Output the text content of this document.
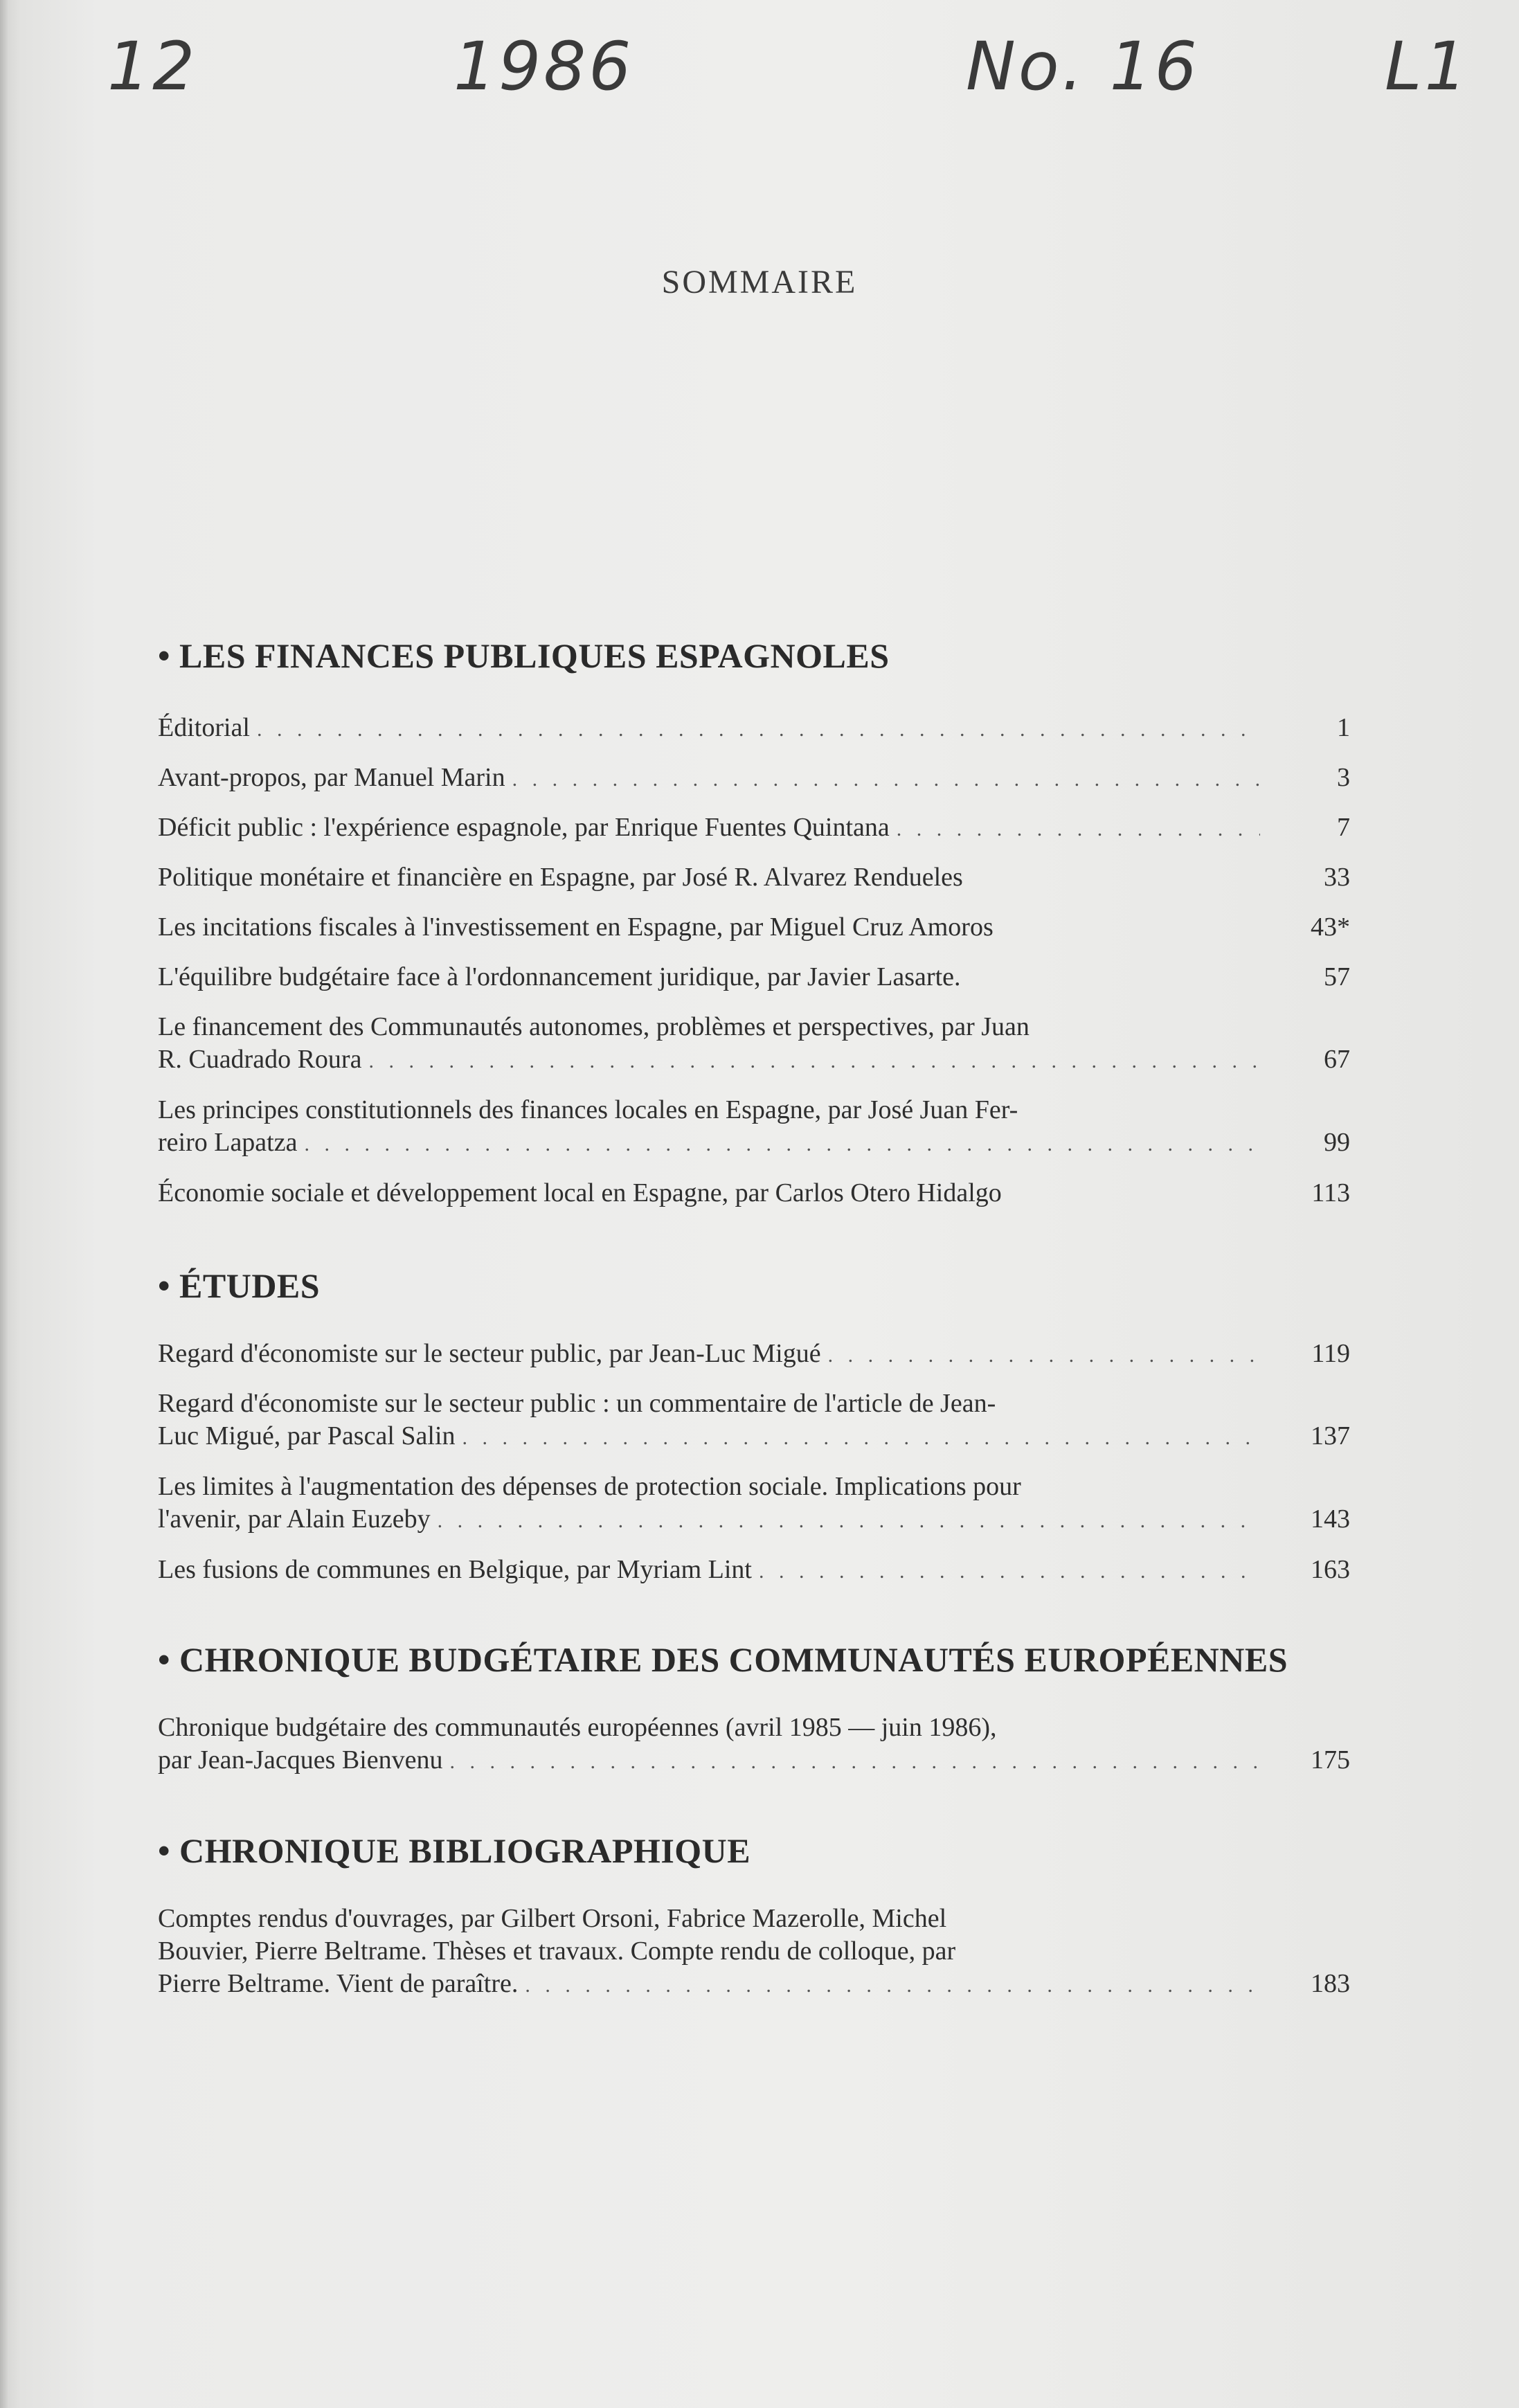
12	1986	No. 16	L1
SOMMAIRE

• LES FINANCES PUBLIQUES ESPAGNOLES
Éditorial . . .	1
Avant-propos, par Manuel Marin . . .	3
Déficit public : l'expérience espagnole, par Enrique Fuentes Quintana . . .	7
Politique monétaire et financière en Espagne, par José R. Alvarez Rendueles	33
Les incitations fiscales à l'investissement en Espagne, par Miguel Cruz Amoros	43*
L'équilibre budgétaire face à l'ordonnancement juridique, par Javier Lasarte.	57
Le financement des Communautés autonomes, problèmes et perspectives, par Juan
R. Cuadrado Roura . . .	67
Les principes constitutionnels des finances locales en Espagne, par José Juan Fer-
reiro Lapatza . . .	99
Économie sociale et développement local en Espagne, par Carlos Otero Hidalgo	113
• ÉTUDES
Regard d'économiste sur le secteur public, par Jean-Luc Migué . . .	119
Regard d'économiste sur le secteur public : un commentaire de l'article de Jean-
Luc Migué, par Pascal Salin . . .	137
Les limites à l'augmentation des dépenses de protection sociale. Implications pour
l'avenir, par Alain Euzeby . . .	143
Les fusions de communes en Belgique, par Myriam Lint . . .	163
• CHRONIQUE BUDGÉTAIRE DES COMMUNAUTÉS EUROPÉENNES
Chronique budgétaire des communautés européennes (avril 1985 — juin 1986),
par Jean-Jacques Bienvenu . . .	175
• CHRONIQUE BIBLIOGRAPHIQUE
Comptes rendus d'ouvrages, par Gilbert Orsoni, Fabrice Mazerolle, Michel
Bouvier, Pierre Beltrame. Thèses et travaux. Compte rendu de colloque, par
Pierre Beltrame. Vient de paraître. . . .	183
